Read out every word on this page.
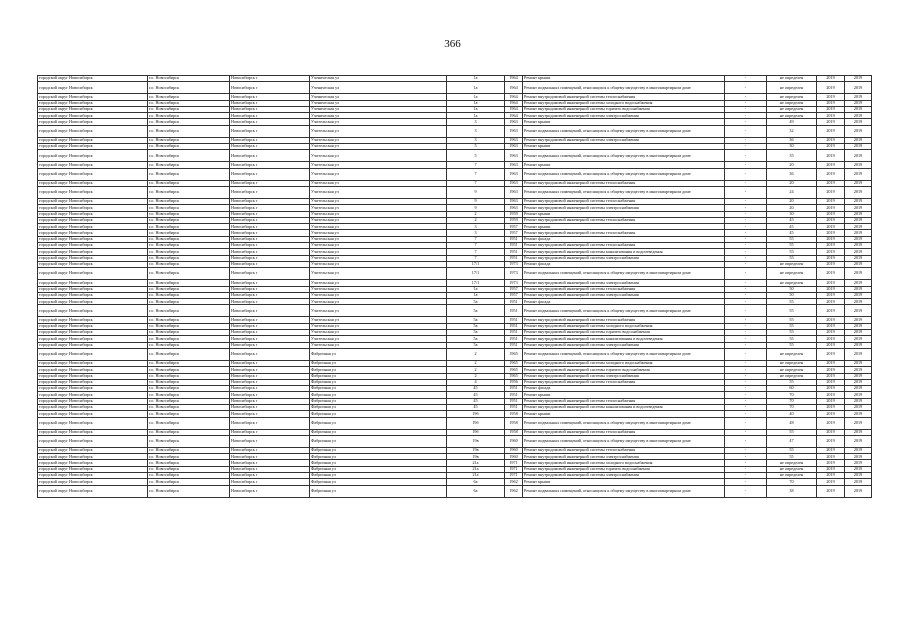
366
городской округ Новосибирск	г.о. Новосибирск	Новосибирск г	Ученическая ул	1а	1964	Ремонт крыши	-	не определен	2019	2019
городской округ Новосибирск	г.о. Новосибирск	Новосибирск г	Ученическая ул	1а	1964	Ремонт подвальных помещений, относящихся к общему имуществу в многоквартирном доме	-	не определен	2019	2019
городской округ Новосибирск	г.о. Новосибирск	Новосибирск г	Ученическая ул	1а	1964	Ремонт внутридомовой инженерной системы теплоснабжения	-	не определен	2019	2019
городской округ Новосибирск	г.о. Новосибирск	Новосибирск г	Ученическая ул	1а	1964	Ремонт внутридомовой инженерной системы холодного водоснабжения	-	не определен	2019	2019
городской округ Новосибирск	г.о. Новосибирск	Новосибирск г	Ученическая ул	1а	1964	Ремонт внутридомовой инженерной системы горячего водоснабжения	-	не определен	2019	2019
городской округ Новосибирск	г.о. Новосибирск	Новосибирск г	Ученическая ул	1а	1964	Ремонт внутридомовой инженерной системы электроснабжения	-	не определен	2019	2019
городской округ Новосибирск	г.о. Новосибирск	Новосибирск г	Учительская ул	3	1963	Ремонт крыши	-	49	2019	2019
городской округ Новосибирск	г.о. Новосибирск	Новосибирск г	Учительская ул	3	1963	Ремонт подвальных помещений, относящихся к общему имуществу в многоквартирном доме	-	32	2019	2019
городской округ Новосибирск	г.о. Новосибирск	Новосибирск г	Учительская ул	3	1963	Ремонт внутридомовой инженерной системы электроснабжения	-	36	2019	2019
городской округ Новосибирск	г.о. Новосибирск	Новосибирск г	Учительская ул	5	1963	Ремонт крыши	-	30	2019	2019
городской округ Новосибирск	г.о. Новосибирск	Новосибирск г	Учительская ул	5	1963	Ремонт подвальных помещений, относящихся к общему имуществу в многоквартирном доме	-	35	2019	2019
городской округ Новосибирск	г.о. Новосибирск	Новосибирск г	Учительская ул	7	1963	Ремонт крыши	-	20	2019	2019
городской округ Новосибирск	г.о. Новосибирск	Новосибирск г	Учительская ул	7	1963	Ремонт подвальных помещений, относящихся к общему имуществу в многоквартирном доме	-	36	2019	2019
городской округ Новосибирск	г.о. Новосибирск	Новосибирск г	Учительская ул	7	1963	Ремонт внутридомовой инженерной системы теплоснабжения	-	20	2019	2019
городской округ Новосибирск	г.о. Новосибирск	Новосибирск г	Учительская ул	9	1963	Ремонт подвальных помещений, относящихся к общему имуществу в многоквартирном доме	-	24	2019	2019
городской округ Новосибирск	г.о. Новосибирск	Новосибирск г	Учительская ул	9	1963	Ремонт внутридомовой инженерной системы теплоснабжения	-	20	2019	2019
городской округ Новосибирск	г.о. Новосибирск	Новосибирск г	Учительская ул	9	1963	Ремонт внутридомовой инженерной системы электроснабжения	-	20	2019	2019
городской округ Новосибирск	г.о. Новосибирск	Новосибирск г	Учительская ул	2	1959	Ремонт крыши	-	30	2019	2019
городской округ Новосибирск	г.о. Новосибирск	Новосибирск г	Учительская ул	2	1959	Ремонт внутридомовой инженерной системы теплоснабжения	-	45	2019	2019
городской округ Новосибирск	г.о. Новосибирск	Новосибирск г	Учительская ул	3	1957	Ремонт крыши	-	45	2019	2019
городской округ Новосибирск	г.о. Новосибирск	Новосибирск г	Учительская ул	3	1957	Ремонт внутридомовой инженерной системы теплоснабжения	-	45	2019	2019
городской округ Новосибирск	г.о. Новосибирск	Новосибирск г	Учительская ул	7	1951	Ремонт фасада	-	55	2019	2019
городской округ Новосибирск	г.о. Новосибирск	Новосибирск г	Учительская ул	7	1951	Ремонт внутридомовой инженерной системы теплоснабжения	-	55	2019	2019
городской округ Новосибирск	г.о. Новосибирск	Новосибирск г	Учительская ул	7	1951	Ремонт внутридомовой инженерной системы канализования и водоотведения	-	55	2019	2019
городской округ Новосибирск	г.о. Новосибирск	Новосибирск г	Учительская ул	7	1951	Ремонт внутридомовой инженерной системы электроснабжения	-	55	2019	2019
городской округ Новосибирск	г.о. Новосибирск	Новосибирск г	Учительская ул	17/1	1973	Ремонт фасада	-	не определен	2019	2019
городской округ Новосибирск	г.о. Новосибирск	Новосибирск г	Учительская ул	17/1	1973	Ремонт подвальных помещений, относящихся к общему имуществу в многоквартирном доме	-	не определен	2019	2019
городской округ Новосибирск	г.о. Новосибирск	Новосибирск г	Учительская ул	17/1	1973	Ремонт внутридомовой инженерной системы электроснабжения	-	не определен	2019	2019
городской округ Новосибирск	г.о. Новосибирск	Новосибирск г	Учительская ул	1а	1957	Ремонт внутридомовой инженерной системы теплоснабжения	-	50	2019	2019
городской округ Новосибирск	г.о. Новосибирск	Новосибирск г	Учительская ул	1а	1957	Ремонт внутридомовой инженерной системы электроснабжения	-	50	2019	2019
городской округ Новосибирск	г.о. Новосибирск	Новосибирск г	Учительская ул	5а	1951	Ремонт фасада	-	55	2019	2019
городской округ Новосибирск	г.о. Новосибирск	Новосибирск г	Учительская ул	5а	1951	Ремонт подвальных помещений, относящихся к общему имуществу в многоквартирном доме	-	55	2019	2019
городской округ Новосибирск	г.о. Новосибирск	Новосибирск г	Учительская ул	5а	1951	Ремонт внутридомовой инженерной системы теплоснабжения	-	55	2019	2019
городской округ Новосибирск	г.о. Новосибирск	Новосибирск г	Учительская ул	5а	1951	Ремонт внутридомовой инженерной системы холодного водоснабжения	-	55	2019	2019
городской округ Новосибирск	г.о. Новосибирск	Новосибирск г	Учительская ул	5а	1951	Ремонт внутридомовой инженерной системы горячего водоснабжения	-	55	2019	2019
городской округ Новосибирск	г.о. Новосибирск	Новосибирск г	Учительская ул	5а	1951	Ремонт внутридомовой инженерной системы канализования и водоотведения	-	55	2019	2019
городской округ Новосибирск	г.о. Новосибирск	Новосибирск г	Учительская ул	5а	1951	Ремонт внутридомовой инженерной системы электроснабжения	-	55	2019	2019
городской округ Новосибирск	г.о. Новосибирск	Новосибирск г	Фабричная ул	2	1965	Ремонт подвальных помещений, относящихся к общему имуществу в многоквартирном доме	-	не определен	2019	2019
городской округ Новосибирск	г.о. Новосибирск	Новосибирск г	Фабричная ул	2	1965	Ремонт внутридомовой инженерной системы холодного водоснабжения	-	не определен	2019	2019
городской округ Новосибирск	г.о. Новосибирск	Новосибирск г	Фабричная ул	2	1965	Ремонт внутридомовой инженерной системы горячего водоснабжения	-	не определен	2019	2019
городской округ Новосибирск	г.о. Новосибирск	Новосибирск г	Фабричная ул	2	1965	Ремонт внутридомовой инженерной системы электроснабжения	-	не определен	2019	2019
городской округ Новосибирск	г.о. Новосибирск	Новосибирск г	Фабричная ул	4	1956	Ремонт внутридомовой инженерной системы теплоснабжения	-	55	2019	2019
городской округ Новосибирск	г.о. Новосибирск	Новосибирск г	Фабричная ул	45	1951	Ремонт фасада	-	60	2019	2019
городской округ Новосибирск	г.о. Новосибирск	Новосибирск г	Фабричная ул	45	1951	Ремонт крыши	-	70	2019	2019
городской округ Новосибирск	г.о. Новосибирск	Новосибирск г	Фабричная ул	45	1951	Ремонт внутридомовой инженерной системы теплоснабжения	-	70	2019	2019
городской округ Новосибирск	г.о. Новосибирск	Новосибирск г	Фабричная ул	45	1951	Ремонт внутридомовой инженерной системы канализования и водоотведения	-	70	2019	2019
городской округ Новосибирск	г.о. Новосибирск	Новосибирск г	Фабричная ул	19б	1958	Ремонт крыши	-	40	2019	2019
городской округ Новосибирск	г.о. Новосибирск	Новосибирск г	Фабричная ул	19б	1958	Ремонт подвальных помещений, относящихся к общему имуществу в многоквартирном доме	-	48	2019	2019
городской округ Новосибирск	г.о. Новосибирск	Новосибирск г	Фабричная ул	19б	1958	Ремонт внутридомовой инженерной системы теплоснабжения	-	55	2019	2019
городской округ Новосибирск	г.о. Новосибирск	Новосибирск г	Фабричная ул	19в	1960	Ремонт подвальных помещений, относящихся к общему имуществу в многоквартирном доме	-	47	2019	2019
городской округ Новосибирск	г.о. Новосибирск	Новосибирск г	Фабричная ул	19в	1960	Ремонт внутридомовой инженерной системы теплоснабжения	-	55	2019	2019
городской округ Новосибирск	г.о. Новосибирск	Новосибирск г	Фабричная ул	19в	1960	Ремонт внутридомовой инженерной системы электроснабжения	-	55	2019	2019
городской округ Новосибирск	г.о. Новосибирск	Новосибирск г	Фабричная ул	21а	1971	Ремонт внутридомовой инженерной системы холодного водоснабжения	-	не определен	2019	2019
городской округ Новосибирск	г.о. Новосибирск	Новосибирск г	Фабричная ул	21а	1971	Ремонт внутридомовой инженерной системы горячего водоснабжения	-	не определен	2019	2019
городской округ Новосибирск	г.о. Новосибирск	Новосибирск г	Фабричная ул	21а	1971	Ремонт внутридомовой инженерной системы электроснабжения	-	не определен	2019	2019
городской округ Новосибирск	г.о. Новосибирск	Новосибирск г	Фабричная ул	6а	1962	Ремонт крыши	-	70	2019	2019
городской округ Новосибирск	г.о. Новосибирск	Новосибирск г	Фабричная ул	6а	1962	Ремонт подвальных помещений, относящихся к общему имуществу в многоквартирном доме	-	38	2019	2019
